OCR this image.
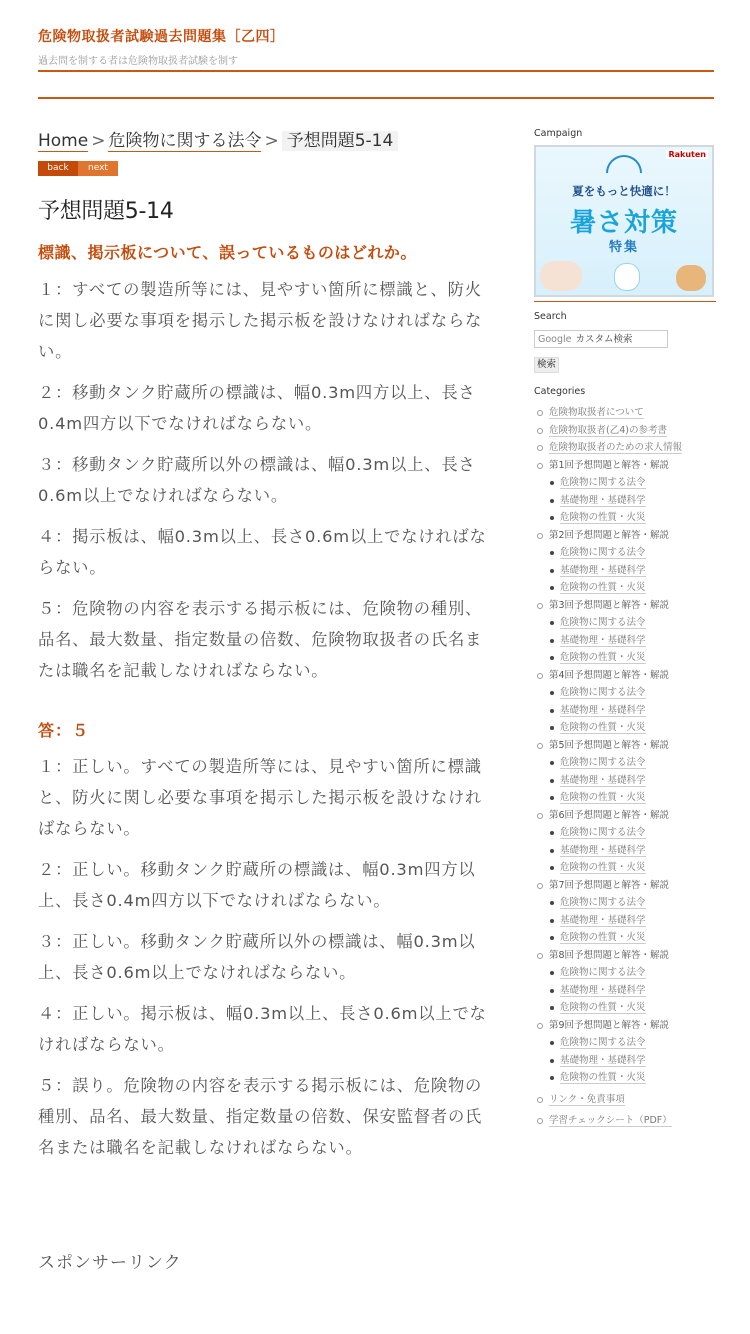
危険物取扱者試験過去問題集［乙四］
過去問を制する者は危険物取扱者試験を制す
Home > 危険物に関する法令 > 予想問題5-14
back	next
予想問題5-14

標識、掲示板について、誤っているものはどれか。

１：すべての製造所等には、見やすい箇所に標識と、防火に関し必要な事項を掲示した掲示板を設けなければならない。

２：移動タンク貯蔵所の標識は、幅0.3m四方以上、長さ0.4m四方以下でなければならない。

３：移動タンク貯蔵所以外の標識は、幅0.3m以上、長さ0.6m以上でなければならない。

４：掲示板は、幅0.3m以上、長さ0.6m以上でなければならない。

５：危険物の内容を表示する掲示板には、危険物の種別、品名、最大数量、指定数量の倍数、危険物取扱者の氏名または職名を記載しなければならない。

答：５

１：正しい。すべての製造所等には、見やすい箇所に標識と、防火に関し必要な事項を掲示した掲示板を設けなければならない。

２：正しい。移動タンク貯蔵所の標識は、幅0.3m四方以上、長さ0.4m四方以下でなければならない。

３：正しい。移動タンク貯蔵所以外の標識は、幅0.3m以上、長さ0.6m以上でなければならない。

４：正しい。掲示板は、幅0.3m以上、長さ0.6m以上でなければならない。

５：誤り。危険物の内容を表示する掲示板には、危険物の種別、品名、最大数量、指定数量の倍数、保安監督者の氏名または職名を記載しなければならない。

Campaign
Rakuten
夏をもっと快適に！
暑さ対策
特集
Search
Google カスタム検索
検索
Categories
危険物取扱者について
危険物取扱者(乙4)の参考書
危険物取扱者のための求人情報
第1回予想問題と解答・解説
危険物に関する法令
基礎物理・基礎科学
危険物の性質・火災
第2回予想問題と解答・解説
危険物に関する法令
基礎物理・基礎科学
危険物の性質・火災
第3回予想問題と解答・解説
危険物に関する法令
基礎物理・基礎科学
危険物の性質・火災
第4回予想問題と解答・解説
危険物に関する法令
基礎物理・基礎科学
危険物の性質・火災
第5回予想問題と解答・解説
危険物に関する法令
基礎物理・基礎科学
危険物の性質・火災
第6回予想問題と解答・解説
危険物に関する法令
基礎物理・基礎科学
危険物の性質・火災
第7回予想問題と解答・解説
危険物に関する法令
基礎物理・基礎科学
危険物の性質・火災
第8回予想問題と解答・解説
危険物に関する法令
基礎物理・基礎科学
危険物の性質・火災
第9回予想問題と解答・解説
危険物に関する法令
基礎物理・基礎科学
危険物の性質・火災
リンク・免責事項
学習チェックシート（PDF）
スポンサーリンク
